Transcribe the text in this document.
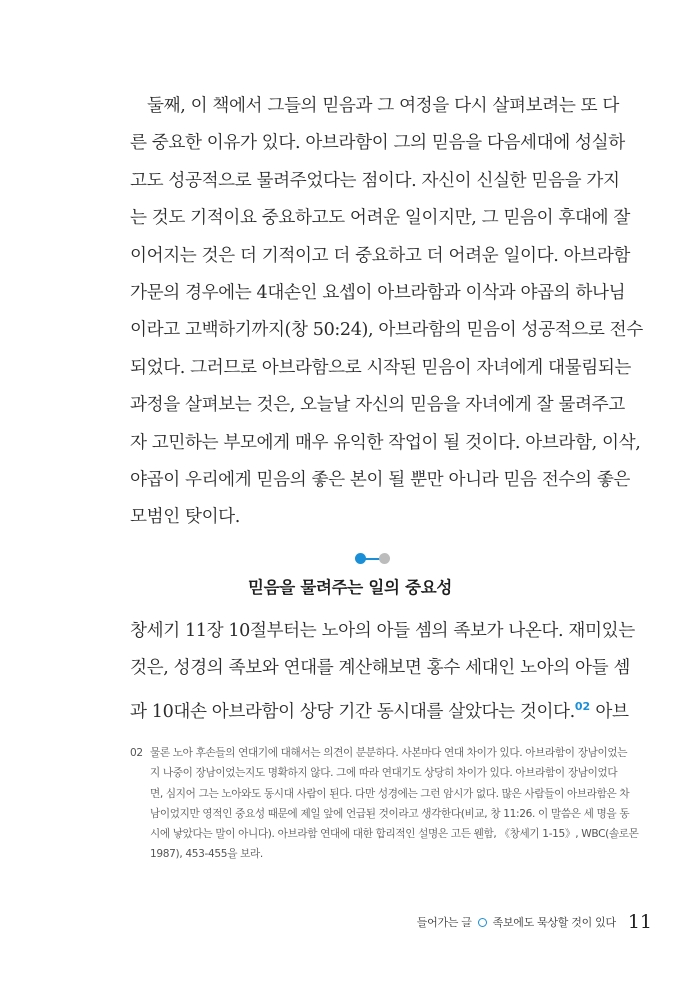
둘째, 이 책에서 그들의 믿음과 그 여정을 다시 살펴보려는 또 다
른 중요한 이유가 있다. 아브라함이 그의 믿음을 다음세대에 성실하
고도 성공적으로 물려주었다는 점이다. 자신이 신실한 믿음을 가지
는 것도 기적이요 중요하고도 어려운 일이지만, 그 믿음이 후대에 잘
이어지는 것은 더 기적이고 더 중요하고 더 어려운 일이다. 아브라함
가문의 경우에는 4대손인 요셉이 아브라함과 이삭과 야곱의 하나님
이라고 고백하기까지(창 50:24), 아브라함의 믿음이 성공적으로 전수
되었다. 그러므로 아브라함으로 시작된 믿음이 자녀에게 대물림되는
과정을 살펴보는 것은, 오늘날 자신의 믿음을 자녀에게 잘 물려주고
자 고민하는 부모에게 매우 유익한 작업이 될 것이다. 아브라함, 이삭,
야곱이 우리에게 믿음의 좋은 본이 될 뿐만 아니라 믿음 전수의 좋은
모범인 탓이다.
믿음을 물려주는 일의 중요성
창세기 11장 10절부터는 노아의 아들 셈의 족보가 나온다. 재미있는
것은, 성경의 족보와 연대를 계산해보면 홍수 세대인 노아의 아들 셈
과 10대손 아브라함이 상당 기간 동시대를 살았다는 것이다.$^{02}$ 아브
02 물론 노아 후손들의 연대기에 대해서는 의견이 분분하다. 사본마다 연대 차이가 있다. 아브라함이 장남이었는
지 나중이 장남이었는지도 명확하지 않다. 그에 따라 연대기도 상당히 차이가 있다. 아브라함이 장남이었다
면, 심지어 그는 노아와도 동시대 사람이 된다. 다만 성경에는 그런 암시가 없다. 많은 사람들이 아브라함은 차
남이었지만 영적인 중요성 때문에 제일 앞에 언급된 것이라고 생각한다(비교, 창 11:26. 이 말씀은 세 명을 동
시에 낳았다는 말이 아니다). 아브라함 연대에 대한 합리적인 설명은 고든 웬함, 《창세기 1-15》, WBC(솔로몬
1987), 453-455을 보라.
들어가는 글 족보에도 묵상할 것이 있다 11
